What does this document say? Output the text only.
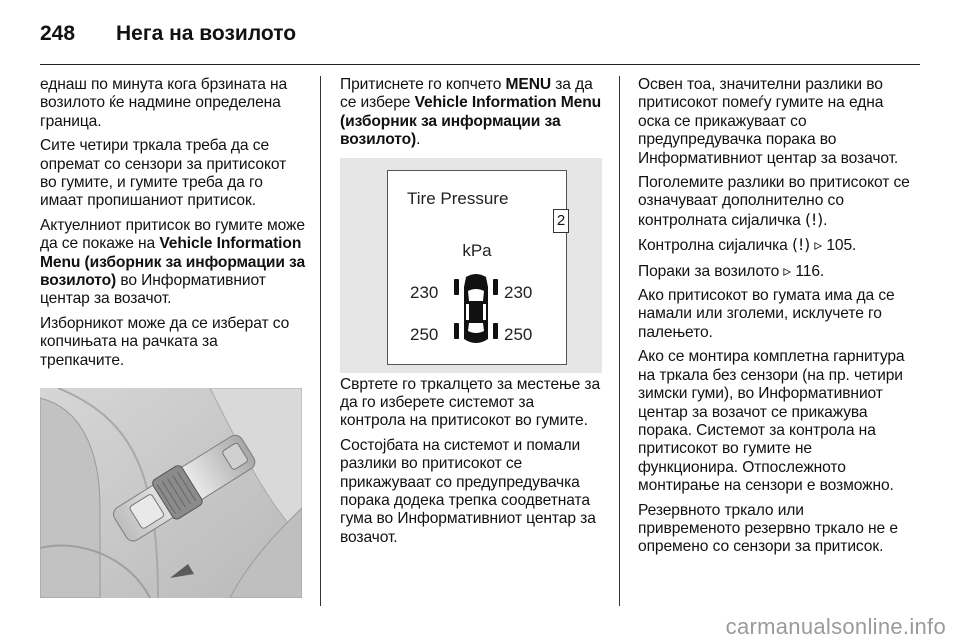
248	Нега на возилото

еднаш по минута кога брзината на возилото ќе надмине определена граница.

Сите четири тркала треба да се опремат со сензори за притисокот во гумите, и гумите треба да го имаат пропишаниот притисок.

Актуелниот притисок во гумите може да се покаже на Vehicle Information Menu (изборник за информации за возилото) во Информативниот центар за возачот.

Изборникот може да се изберат со копчињата на рачката за трепкачите.

Притиснете го копчето MENU за да се избере Vehicle Information Menu (изборник за информации за возилото).

Свртете го тркалцето за местење за да го изберете системот за контрола на притисокот во гумите.

Состојбата на системот и помали разлики во притисокот се прикажуваат со предупредувачка порака додека трепка соодветната гума во Информативниот центар за возачот.

Tire Pressure
2
kPa
230	230
250	250

Освен тоа, значителни разлики во притисокот помеѓу гумите на една оска се прикажуваат со предупредувачка порака во Информативниот центар за возачот.

Поголемите разлики во притисокот се означуваат дополнително со контролната сијаличка (!).

Контролна сијаличка (!) ▹ 105.

Пораки за возилото ▹ 116.

Ако притисокот во гумата има да се намали или зголеми, исклучете го палењето.

Ако се монтира комплетна гарнитура на тркала без сензори (на пр. четири зимски гуми), во Информативниот центар за возачот се прикажува порака. Системот за контрола на притисокот во гумите не функционира. Отпослежното монтирање на сензори е возможно.

Резервното тркало или привременото резервно тркало не е опремено со сензори за притисок.

carmanualsonline.info
